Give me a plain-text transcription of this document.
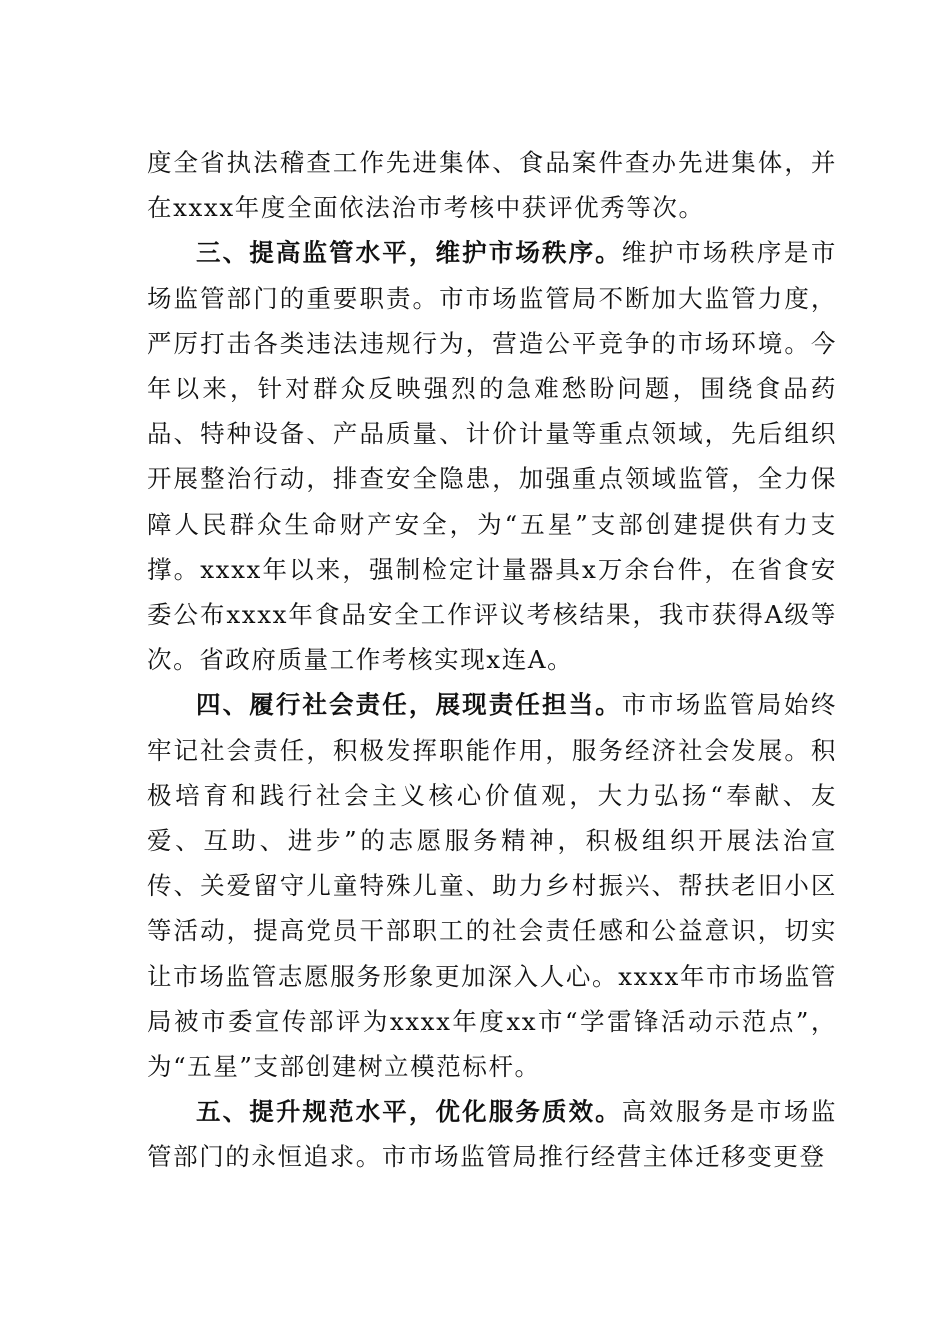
度全省执法稽查工作先进集体、食品案件查办先进集体，并在xxxx年度全面依法治市考核中获评优秀等次。

三、提高监管水平，维护市场秩序。维护市场秩序是市场监管部门的重要职责。市市场监管局不断加大监管力度，严厉打击各类违法违规行为，营造公平竞争的市场环境。今年以来，针对群众反映强烈的急难愁盼问题，围绕食品药品、特种设备、产品质量、计价计量等重点领域，先后组织开展整治行动，排查安全隐患，加强重点领域监管，全力保障人民群众生命财产安全，为“五星”支部创建提供有力支撑。xxxx年以来，强制检定计量器具x万余台件，在省食安委公布xxxx年食品安全工作评议考核结果，我市获得A级等次。省政府质量工作考核实现x连A。

四、履行社会责任，展现责任担当。市市场监管局始终牢记社会责任，积极发挥职能作用，服务经济社会发展。积极培育和践行社会主义核心价值观，大力弘扬“奉献、友爱、互助、进步”的志愿服务精神，积极组织开展法治宣传、关爱留守儿童特殊儿童、助力乡村振兴、帮扶老旧小区等活动，提高党员干部职工的社会责任感和公益意识，切实让市场监管志愿服务形象更加深入人心。xxxx年市市场监管局被市委宣传部评为xxxx年度xx市“学雷锋活动示范点”，为“五星”支部创建树立模范标杆。

五、提升规范水平，优化服务质效。高效服务是市场监管部门的永恒追求。市市场监管局推行经营主体迁移变更登
